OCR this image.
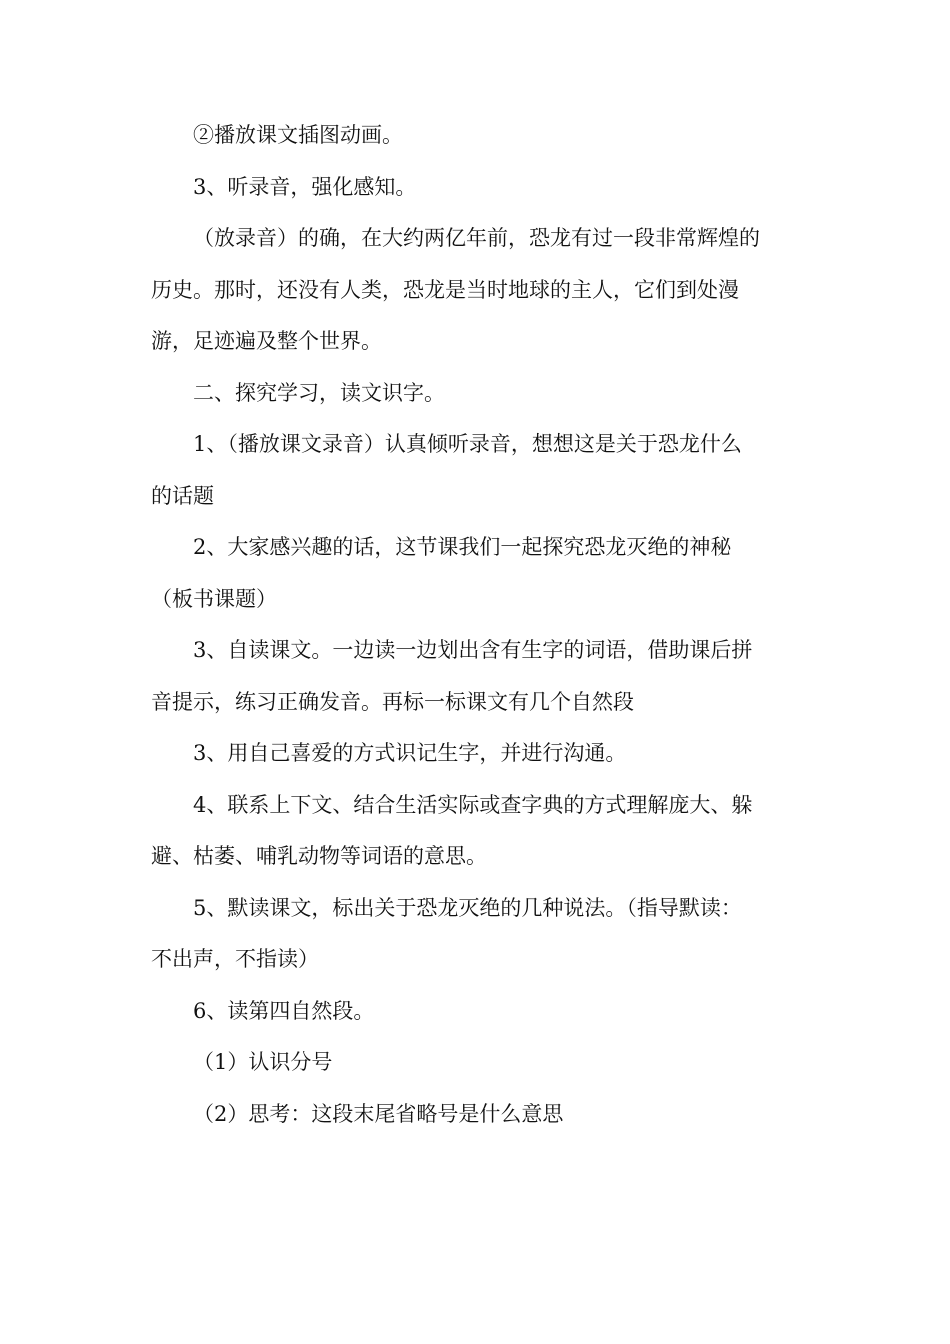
②播放课文插图动画。

3、听录音，强化感知。

（放录音）的确，在大约两亿年前，恐龙有过一段非常辉煌的
历史。那时，还没有人类，恐龙是当时地球的主人，它们到处漫
游，足迹遍及整个世界。

二、探究学习，读文识字。

1、（播放课文录音）认真倾听录音，想想这是关于恐龙什么
的话题

2、大家感兴趣的话，这节课我们一起探究恐龙灭绝的神秘
（板书课题）

3、自读课文。一边读一边划出含有生字的词语，借助课后拼
音提示，练习正确发音。再标一标课文有几个自然段

3、用自己喜爱的方式识记生字，并进行沟通。

4、联系上下文、结合生活实际或查字典的方式理解庞大、躲
避、枯萎、哺乳动物等词语的意思。

5、默读课文，标出关于恐龙灭绝的几种说法。（指导默读：
不出声，不指读）

6、读第四自然段。

（1）认识分号

（2）思考：这段末尾省略号是什么意思
